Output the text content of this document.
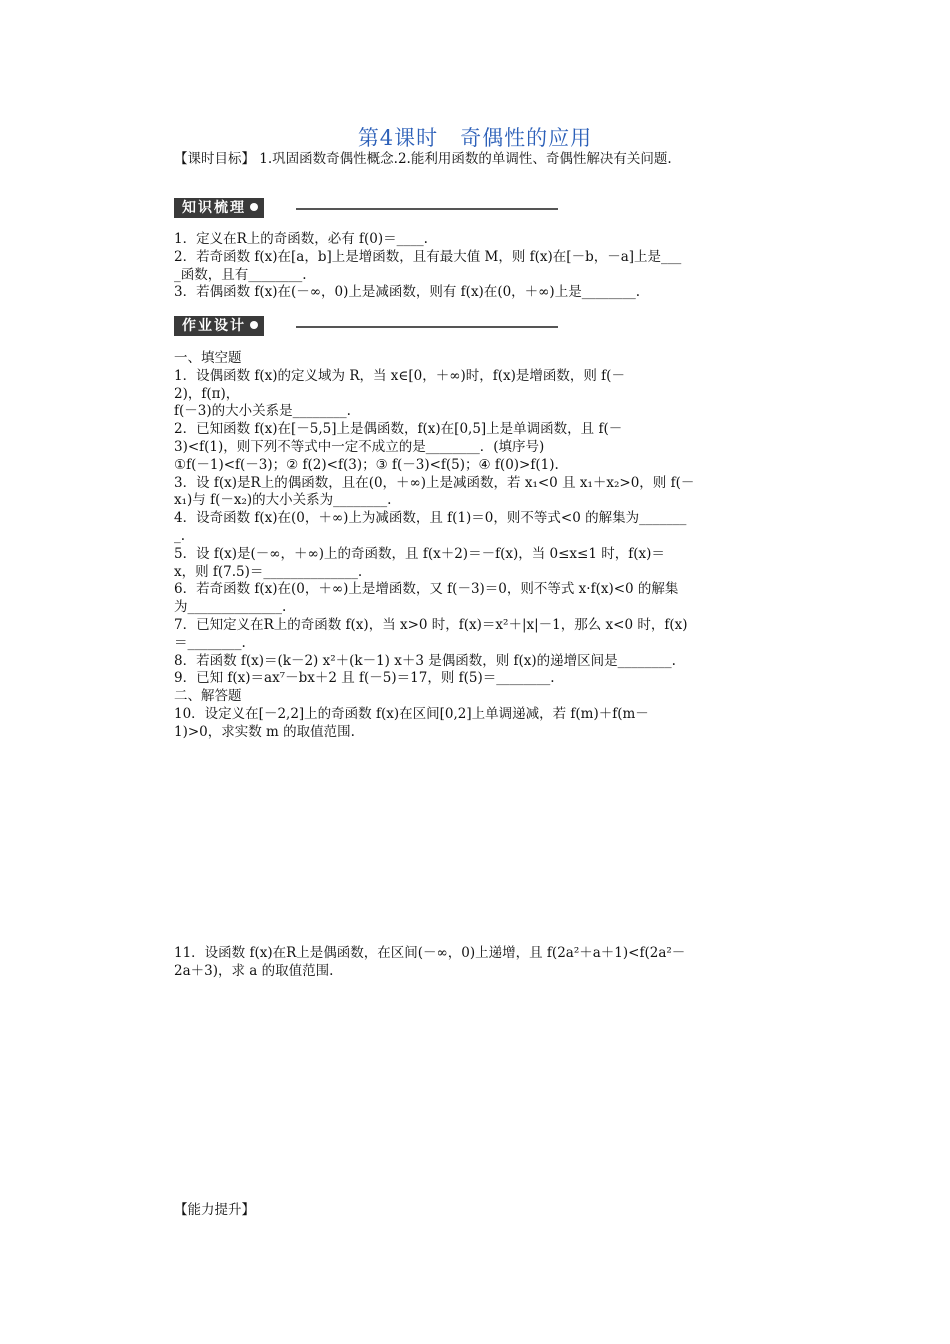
第4课时　奇偶性的应用
【课时目标】 1.巩固函数奇偶性概念.2.能利用函数的单调性、奇偶性解决有关问题.
知识梳理

1．定义在R上的奇函数，必有 f(0)＝____.

2．若奇函数 f(x)在[a，b]上是增函数，且有最大值 M，则 f(x)在[－b，－a]上是___

_函数，且有________.

3．若偶函数 f(x)在(－∞，0)上是减函数，则有 f(x)在(0，＋∞)上是________.

作业设计

一、填空题

1．设偶函数 f(x)的定义域为 R，当 x∈[0，＋∞)时，f(x)是增函数，则 f(－

2)，f(π)，

f(－3)的大小关系是________.

2．已知函数 f(x)在[－5,5]上是偶函数，f(x)在[0,5]上是单调函数，且 f(－

3)<f(1)，则下列不等式中一定不成立的是________．(填序号)

①f(－1)<f(－3)；② f(2)<f(3)；③ f(－3)<f(5)；④ f(0)>f(1).

3．设 f(x)是R上的偶函数，且在(0，＋∞)上是减函数，若 x₁<0 且 x₁＋x₂>0，则 f(－

x₁)与 f(－x₂)的大小关系为________.

4．设奇函数 f(x)在(0，＋∞)上为减函数，且 f(1)＝0，则不等式<0 的解集为_______

_.

5．设 f(x)是(－∞，＋∞)上的奇函数，且 f(x＋2)＝－f(x)，当 0≤x≤1 时，f(x)＝

x，则 f(7.5)＝______________.

6．若奇函数 f(x)在(0，＋∞)上是增函数，又 f(－3)＝0，则不等式 x·f(x)<0 的解集

为______________.

7．已知定义在R上的奇函数 f(x)，当 x>0 时，f(x)＝x²＋|x|－1，那么 x<0 时，f(x)

＝________.

8．若函数 f(x)＝(k－2) x²＋(k－1) x＋3 是偶函数，则 f(x)的递增区间是________.

9．已知 f(x)＝ax⁷－bx＋2 且 f(－5)＝17，则 f(5)＝________.

二、解答题

10．设定义在[－2,2]上的奇函数 f(x)在区间[0,2]上单调递减，若 f(m)＋f(m－

1)>0，求实数 m 的取值范围.

11．设函数 f(x)在R上是偶函数，在区间(－∞，0)上递增，且 f(2a²＋a＋1)<f(2a²－

2a＋3)，求 a 的取值范围.

【能力提升】
